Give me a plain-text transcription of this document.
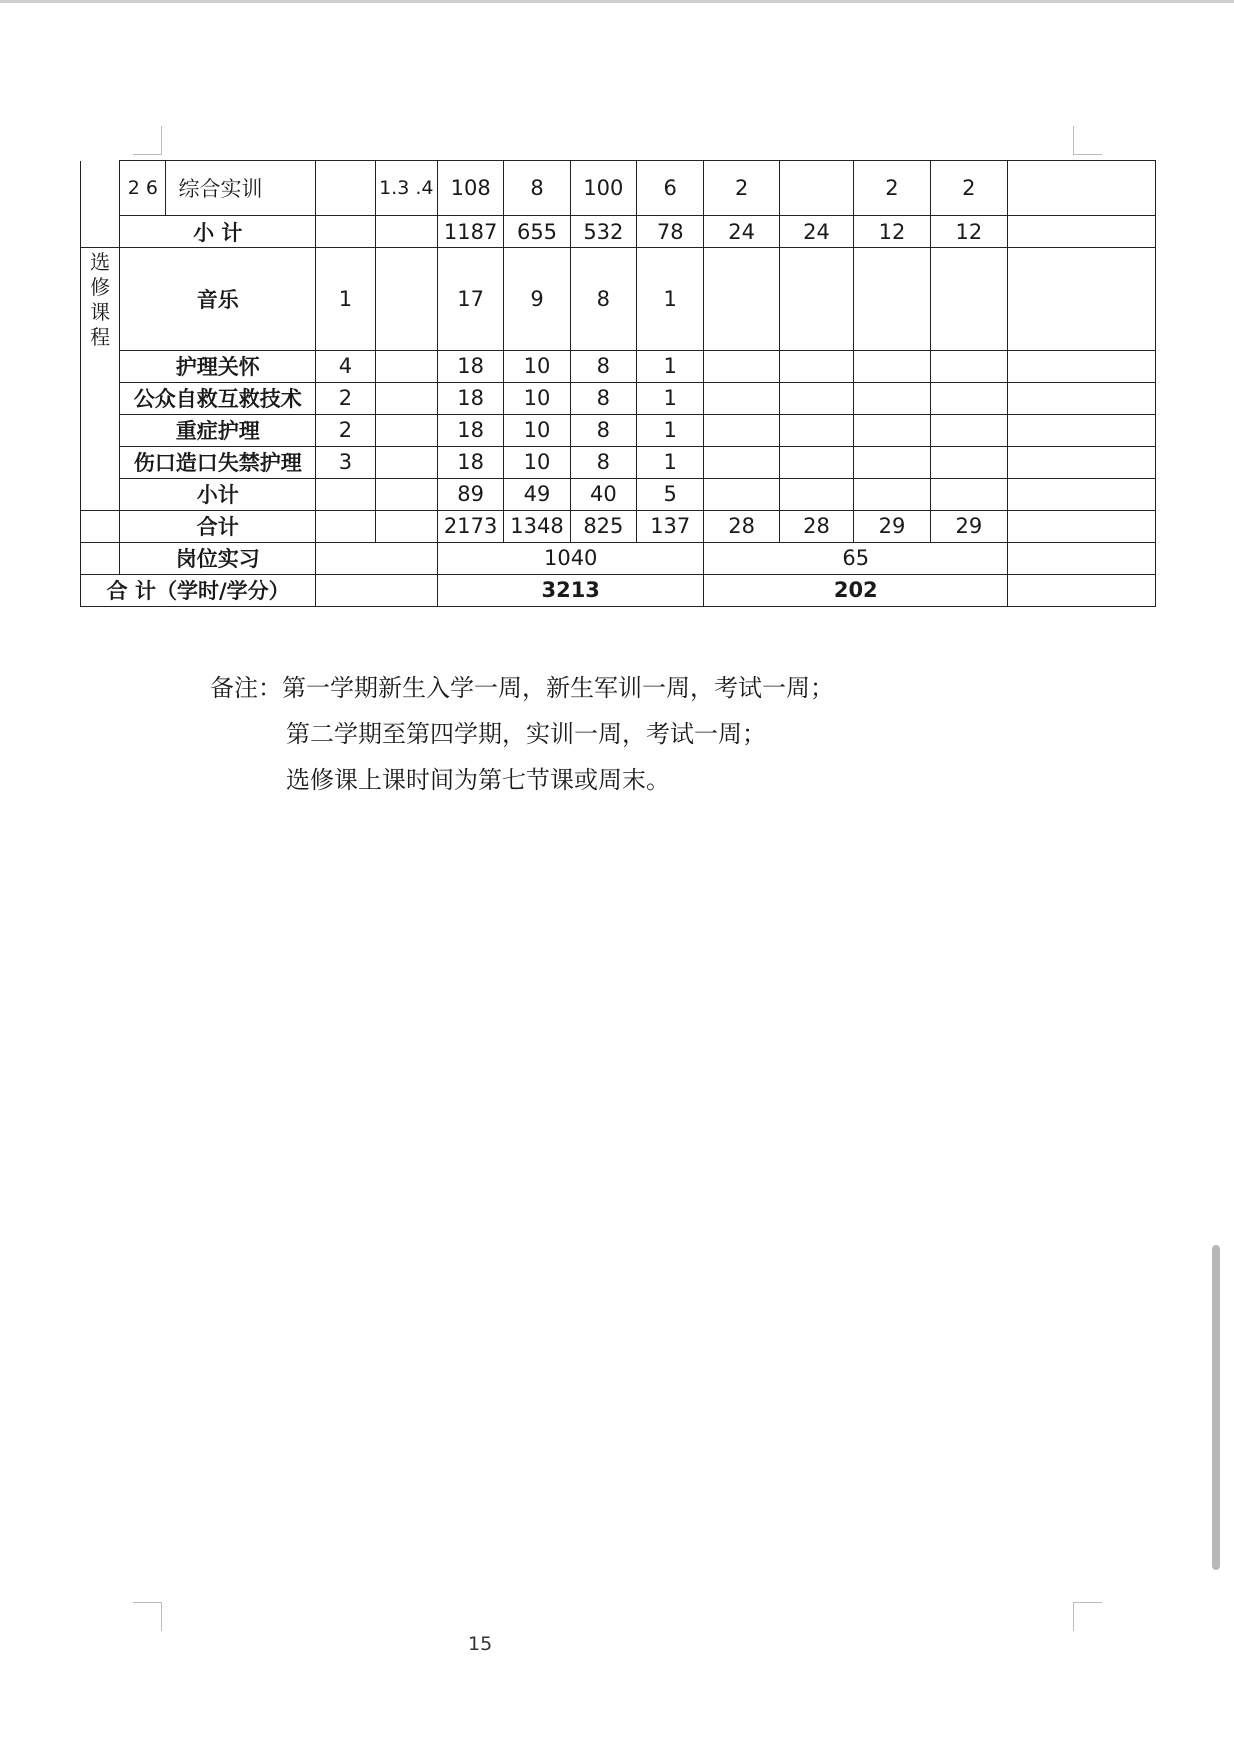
	2 6	综合实训		1.3 .4	108	8	100	6	2		2	2	
	小 计				1187	655	532	78	24	24	12	12	
选
修
课
程	音乐		1		17	9	8	1					
	护理关怀		4		18	10	8	1					
	公众自救互救技术		2		18	10	8	1					
	重症护理		2		18	10	8	1					
	伤口造口失禁护理		3		18	10	8	1					
	小计				89	49	40	5					
	合计				2173	1348	825	137	28	28	29	29	
	岗位实习				1040				65				
合 计（学时/学分）					3213				202				
备注：第一学期新生入学一周，新生军训一周，考试一周；
第二学期至第四学期，实训一周，考试一周；
选修课上课时间为第七节课或周末。
15
